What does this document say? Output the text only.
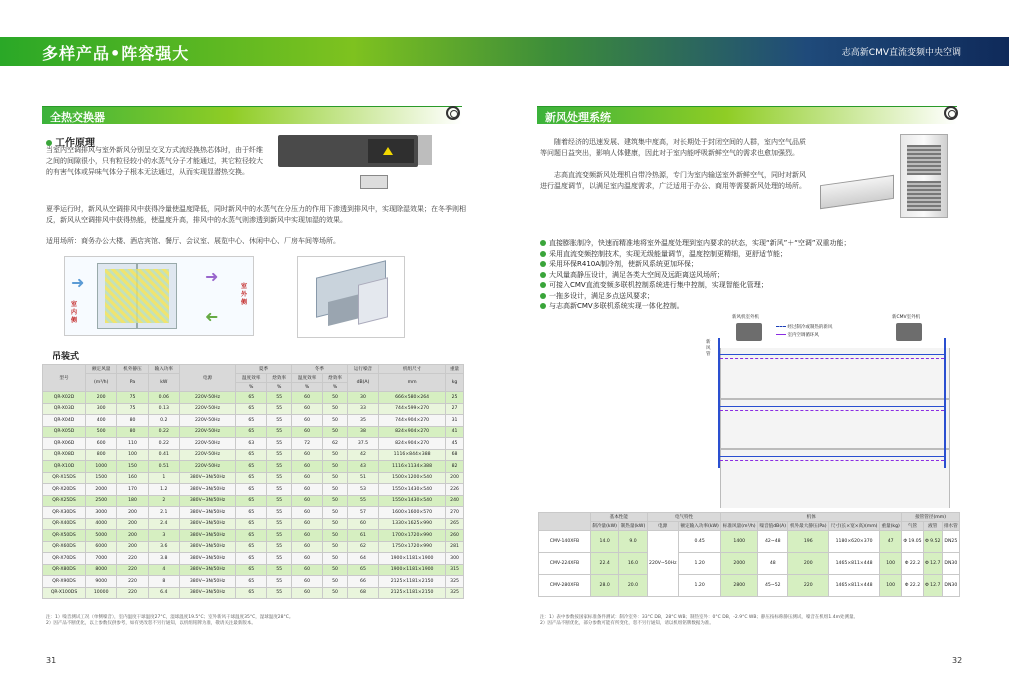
多样产品•阵容强大	志高新CMV直流变频中央空调
全热交换器
工作原理
当室内空调排风与室外新风分别呈交叉方式流经换热芯体时，由于纤维之间的间隙很小，只有粒径较小的水蒸气分子才能通过，其它粒径较大的有害气体或异味气体分子根本无法通过，从而实现显潜热交换。
夏季运行时，新风从空调排风中获得冷量使温度降低，同时新风中的水蒸气在分压力的作用下渗透到排风中，实现除湿效果；在冬季则相反，新风从空调排风中获得热能，使温度升高，排风中的水蒸气则渗透到新风中实现加湿的效果。
适用场所：商务办公大楼、酒店宾馆、餐厅、会议室、展览中心、休闲中心、厂房车间等场所。
➜	➜
室内侧
室外侧
➜
吊装式
型号	额定风量	机外静压	输入功率	电源	夏季		冬季		运行噪音	机组尺寸	重量
	(m³/h)	Pa	kW		温度效率	焓效率	温度效率	焓效率	dB(A)	mm	kg
					%	%	%	%			
QR-X02D	200	75	0.06	220V-50Hz	65	55	60	50	30	666×580×264	25
QR-X03D	300	75	0.13	220V-50Hz	65	55	60	50	33	744×599×270	27
QR-X04D	400	80	0.2	220V-50Hz	65	55	60	50	35	744×904×270	31
QR-X05D	500	80	0.22	220V-50Hz	65	55	60	50	38	824×904×270	41
QR-X06D	600	110	0.22	220V-50Hz	63	55	72	62	37.5	824×904×270	45
QR-X08D	800	100	0.41	220V-50Hz	65	55	60	50	42	1116×844×388	68
QR-X10D	1000	150	0.51	220V-50Hz	65	55	60	50	43	1116×1134×388	82
QR-X15DS	1500	160	1	380V~3N/50Hz	65	55	60	50	51	1500×1200×540	200
QR-X20DS	2000	170	1.2	380V~3N/50Hz	65	55	60	50	53	1550×1430×540	226
QR-X25DS	2500	180	2	380V~3N/50Hz	65	55	60	50	55	1550×1430×540	240
QR-X30DS	3000	200	2.1	380V~3N/50Hz	65	55	60	50	57	1600×1600×570	270
QR-X40DS	4000	200	2.4	380V~3N/50Hz	65	55	60	50	60	1330×1625×990	265
QR-X50DS	5000	200	3	380V~3N/50Hz	65	55	60	50	61	1700×1720×990	260
QR-X60DS	6000	200	3.6	380V~3N/50Hz	65	55	60	50	62	1750×1720×990	281
QR-X70DS	7000	220	3.8	380V~3N/50Hz	65	55	60	50	64	1900×1181×1900	300
QR-X80DS	8000	220	4	380V~3N/50Hz	65	55	60	50	65	1900×1181×1900	315
QR-X90DS	9000	220	8	380V~3N/50Hz	65	55	60	50	66	2125×1181×2150	325
QR-X100DS	10000	220	6.4	380V~3N/50Hz	65	55	60	50	68	2125×1181×2150	325
注：1）噪音测试工况（单侧噪音），室内温度干球温度27°C，湿球温度19.5°C；室外新风干球温度35°C，湿球温度28°C。
2）因产品不断优化，以上参数仅供参考，如有更改恕不另行通知，以机组铭牌为准，敬请关注最新版本。
31
新风处理系统
随着经济的迅速发展、建筑集中度高，对长期处于封闭空间的人群，室内空气品质等问题日益突出，影响人体健康，因此对于室内能呼吸新鲜空气的需求也愈加强烈。
志高直流变频新风处理机自带冷热源，专门为室内输送室外新鲜空气，同时对新风进行温度调节，以满足室内温度需求，广泛适用于办公、商用等需要新风处理的场所。
直接膨胀制冷，快速而精准地将室外温度处理到室内要求的状态，实现“新风”＋“空调”双重功能；
采用直流变频控制技术，实现无级能量调节，温度控制更精细，更舒适节能；
采用环保R410A制冷剂，使新风系统更加环保；
大风量高静压设计，满足各类大空间及远距离送风场所；
可接入CMV直流变频多联机控制系统进行集中控制，实现智能化管理；
一拖多设计，满足多点送风要求；
与志高新CMV多联机系统实现一体化控制。
新风机室外机	新CMV室外机
经过制冷或制热的新风
室内空调循环风
新风管
	基本性能		电气特性		机体					接管管径(mm)		
	制冷量(kW)	制热量(kW)	电源	额定输入功率(kW)	标准风量(m³/h)	噪音值dB(A)	机外最大静压(Pa)	尺寸(长×宽×高)(mm)	重量(kg)	气管	液管	排水管
CMV-140XFB	14.0	9.0	220V~50Hz	0.45	1400	42~48	196	1180×620×370	47	Φ 19.05	Φ 9.52	DN25
CMV-224XFB	22.4	16.0		1.20	2000	48	200	1465×811×448	100	Φ 22.2	Φ 12.7	DN30
CMV-280XFB	28.0	20.0		1.20	2800	45~52	220	1465×811×448	100	Φ 22.2	Φ 12.7	DN30
注：1）表中参数按国家标准条件测试：制冷室外：33°C DB，28°C WB；制热室外：0°C DB，-2.9°C WB；静压按标称静压测试，噪音在机组1.4m处测量。
2）因产品不断优化，部分参数可能有所变化，恕不另行通知，请以机组铭牌数据为准。
32
